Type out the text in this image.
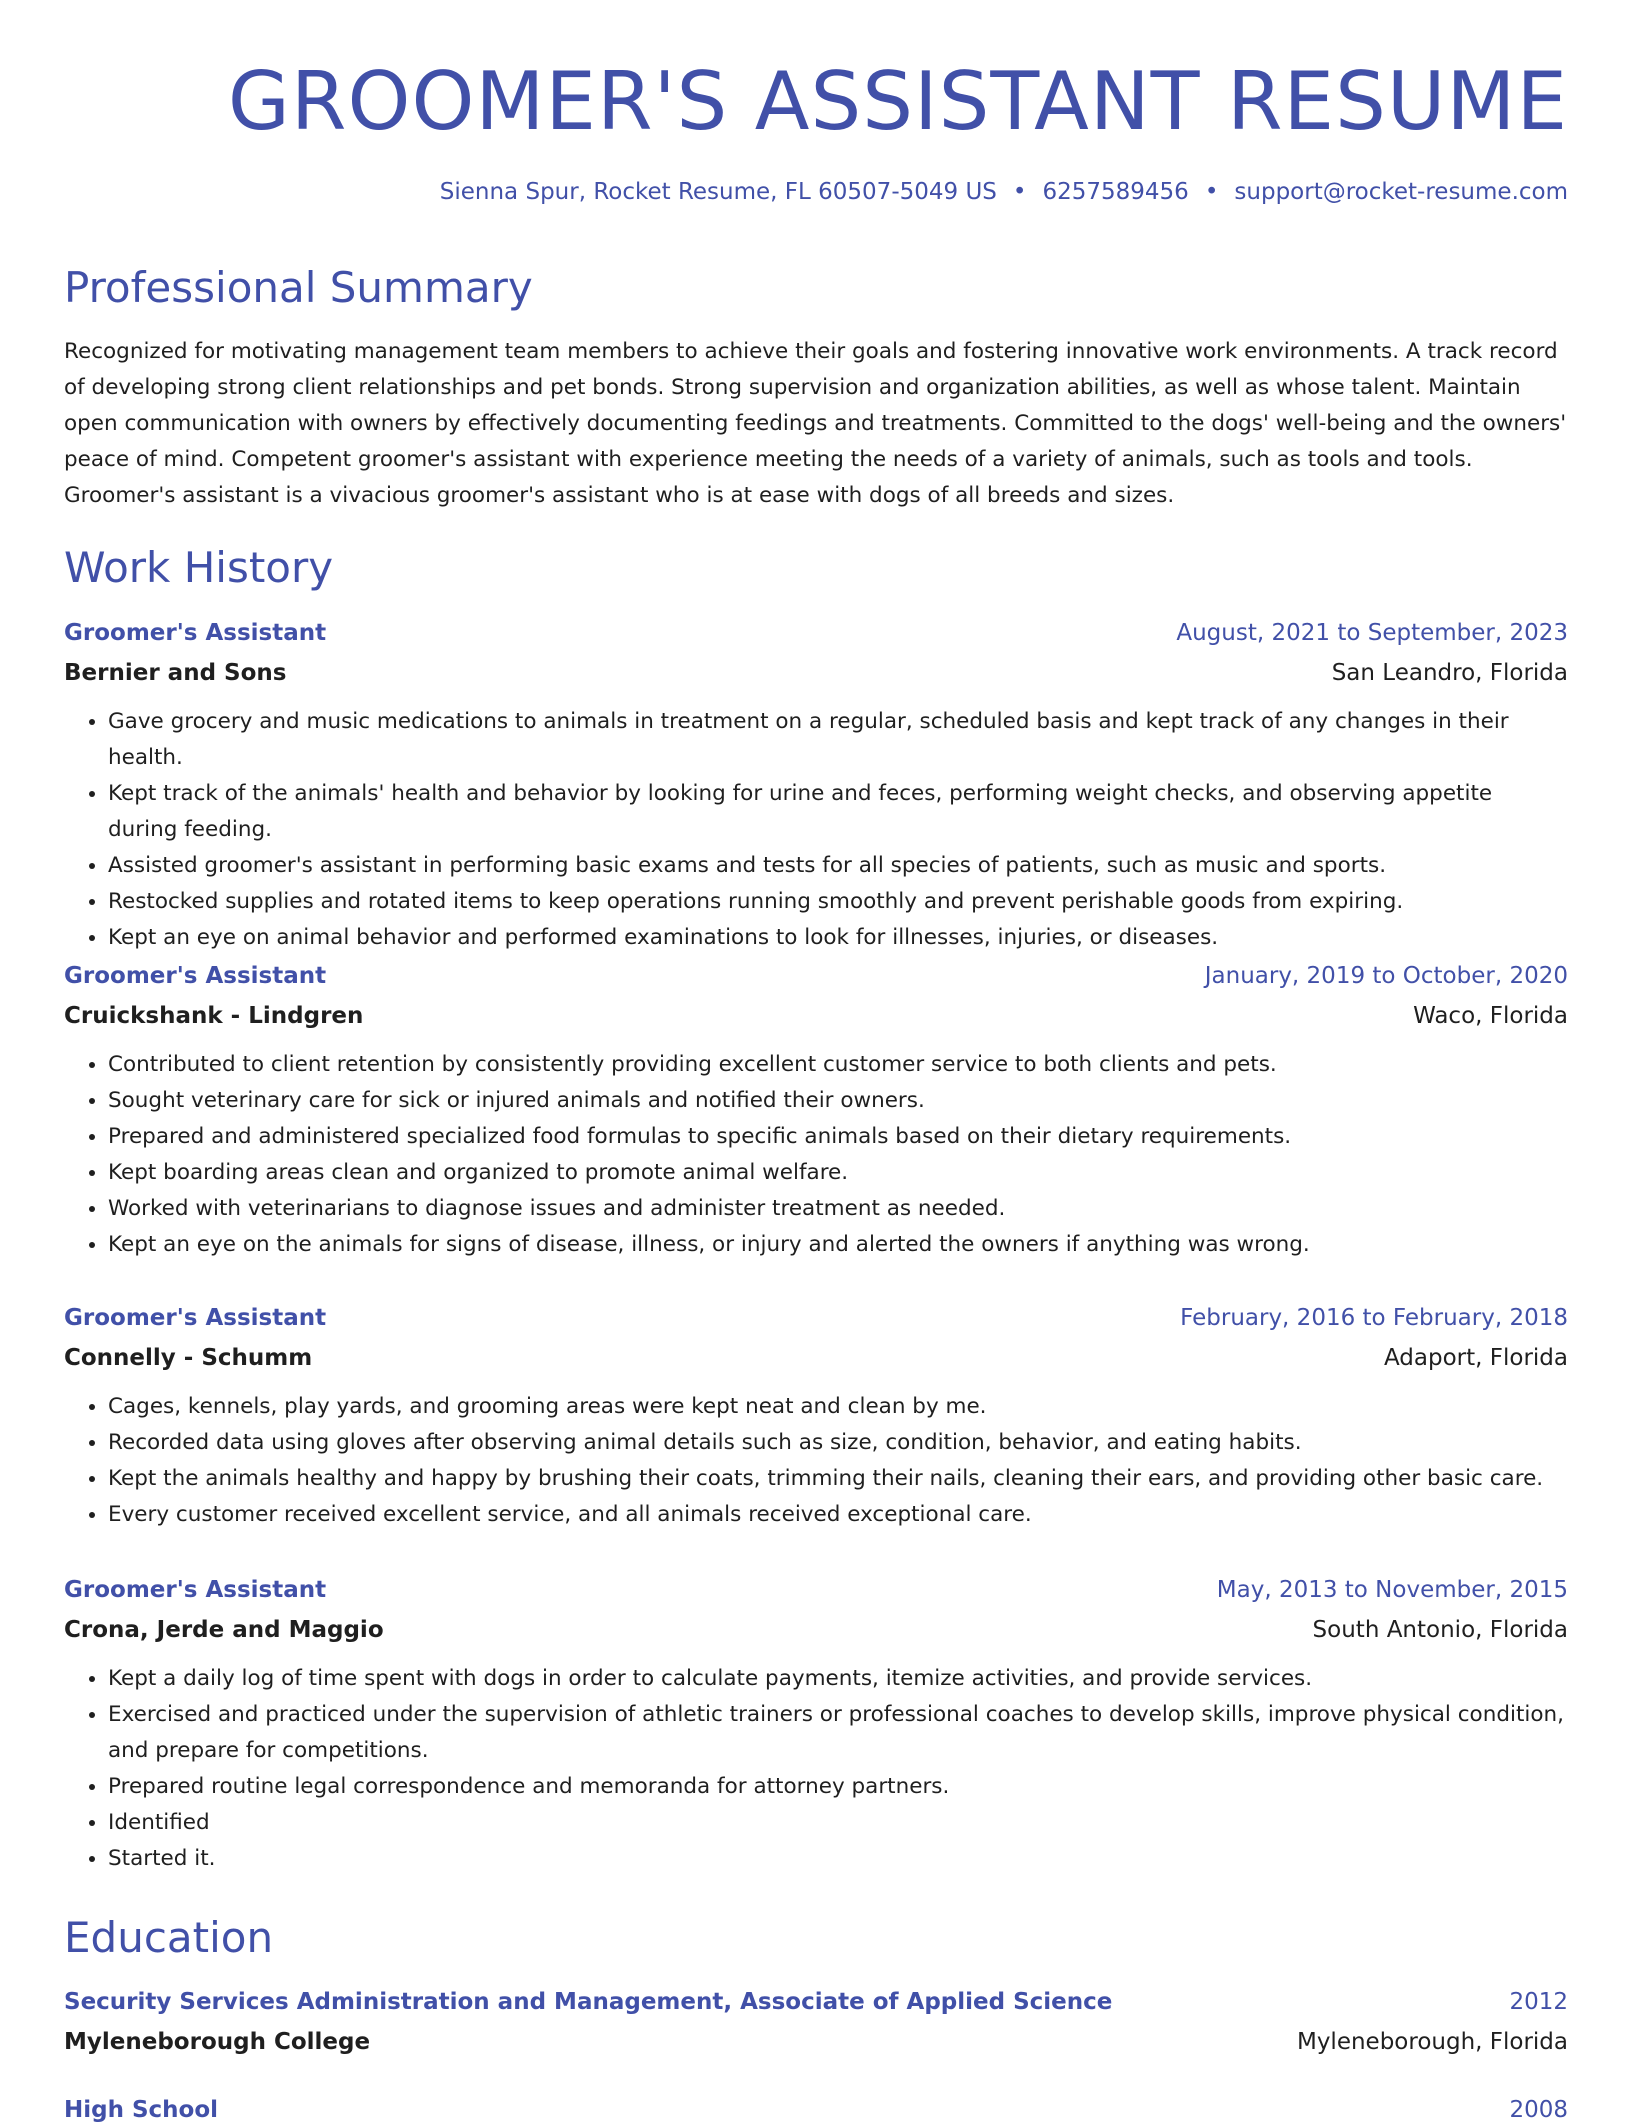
GROOMER'S ASSISTANT RESUME
Sienna Spur, Rocket Resume, FL 60507-5049 US • 6257589456 • support@rocket-resume.com
Professional Summary

Recognized for motivating management team members to achieve their goals and fostering innovative work environments. A track record of developing strong client relationships and pet bonds. Strong supervision and organization abilities, as well as whose talent. Maintain open communication with owners by effectively documenting feedings and treatments. Committed to the dogs' well-being and the owners' peace of mind. Competent groomer's assistant with experience meeting the needs of a variety of animals, such as tools and tools. Groomer's assistant is a vivacious groomer's assistant who is at ease with dogs of all breeds and sizes.

Work History
Groomer's Assistant	August, 2021 to September, 2023
Bernier and Sons	San Leandro, Florida
• Gave grocery and music medications to animals in treatment on a regular, scheduled basis and kept track of any changes in their health.
• Kept track of the animals' health and behavior by looking for urine and feces, performing weight checks, and observing appetite during feeding.
• Assisted groomer's assistant in performing basic exams and tests for all species of patients, such as music and sports.
• Restocked supplies and rotated items to keep operations running smoothly and prevent perishable goods from expiring.
• Kept an eye on animal behavior and performed examinations to look for illnesses, injuries, or diseases.
Groomer's Assistant	January, 2019 to October, 2020
Cruickshank - Lindgren	Waco, Florida
• Contributed to client retention by consistently providing excellent customer service to both clients and pets.
• Sought veterinary care for sick or injured animals and notified their owners.
• Prepared and administered specialized food formulas to specific animals based on their dietary requirements.
• Kept boarding areas clean and organized to promote animal welfare.
• Worked with veterinarians to diagnose issues and administer treatment as needed.
• Kept an eye on the animals for signs of disease, illness, or injury and alerted the owners if anything was wrong.
Groomer's Assistant	February, 2016 to February, 2018
Connelly - Schumm	Adaport, Florida
• Cages, kennels, play yards, and grooming areas were kept neat and clean by me.
• Recorded data using gloves after observing animal details such as size, condition, behavior, and eating habits.
• Kept the animals healthy and happy by brushing their coats, trimming their nails, cleaning their ears, and providing other basic care.
• Every customer received excellent service, and all animals received exceptional care.
Groomer's Assistant	May, 2013 to November, 2015
Crona, Jerde and Maggio	South Antonio, Florida
• Kept a daily log of time spent with dogs in order to calculate payments, itemize activities, and provide services.
• Exercised and practiced under the supervision of athletic trainers or professional coaches to develop skills, improve physical condition, and prepare for competitions.
• Prepared routine legal correspondence and memoranda for attorney partners.
• Identified
• Started it.
Education
Security Services Administration and Management, Associate of Applied Science	2012
Myleneborough College	Myleneborough, Florida
High School	2008
